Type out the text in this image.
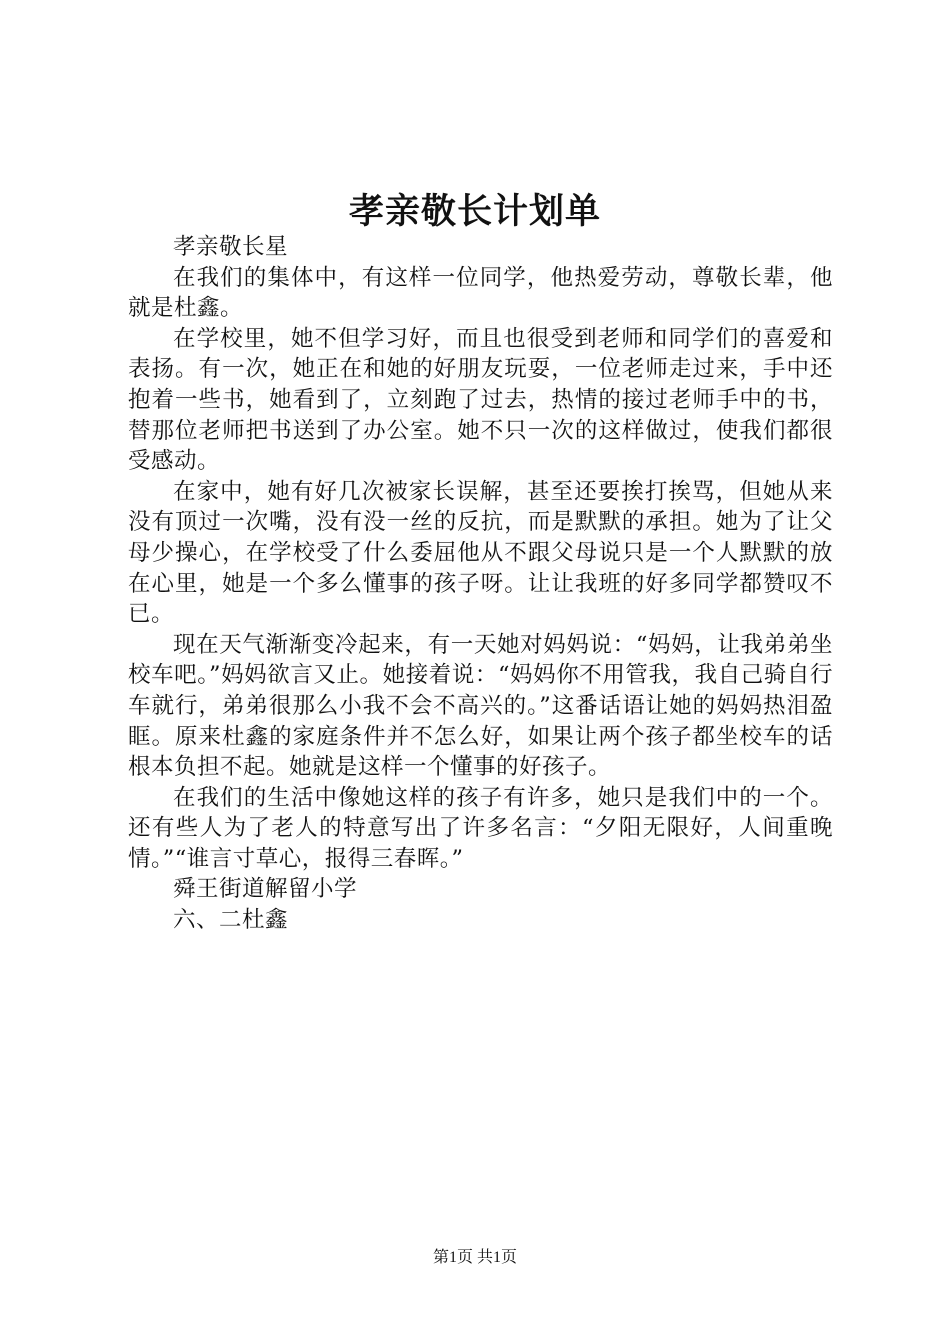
孝亲敬长计划单

孝亲敬长星

在我们的集体中，有这样一位同学，他热爱劳动，尊敬长辈，他就是杜鑫。

在学校里，她不但学习好，而且也很受到老师和同学们的喜爱和表扬。有一次，她正在和她的好朋友玩耍，一位老师走过来，手中还抱着一些书，她看到了，立刻跑了过去，热情的接过老师手中的书，替那位老师把书送到了办公室。她不只一次的这样做过，使我们都很受感动。

在家中，她有好几次被家长误解，甚至还要挨打挨骂，但她从来没有顶过一次嘴，没有没一丝的反抗，而是默默的承担。她为了让父母少操心，在学校受了什么委屈他从不跟父母说只是一个人默默的放在心里，她是一个多么懂事的孩子呀。让让我班的好多同学都赞叹不已。

现在天气渐渐变冷起来，有一天她对妈妈说：“妈妈，让我弟弟坐校车吧。”妈妈欲言又止。她接着说：“妈妈你不用管我，我自己骑自行车就行，弟弟很那么小我不会不高兴的。”这番话语让她的妈妈热泪盈眶。原来杜鑫的家庭条件并不怎么好，如果让两个孩子都坐校车的话根本负担不起。她就是这样一个懂事的好孩子。

在我们的生活中像她这样的孩子有许多，她只是我们中的一个。还有些人为了老人的特意写出了许多名言：“夕阳无限好，人间重晚情。”“谁言寸草心，报得三春晖。”

舜王街道解留小学

六、二杜鑫

第1页 共1页
